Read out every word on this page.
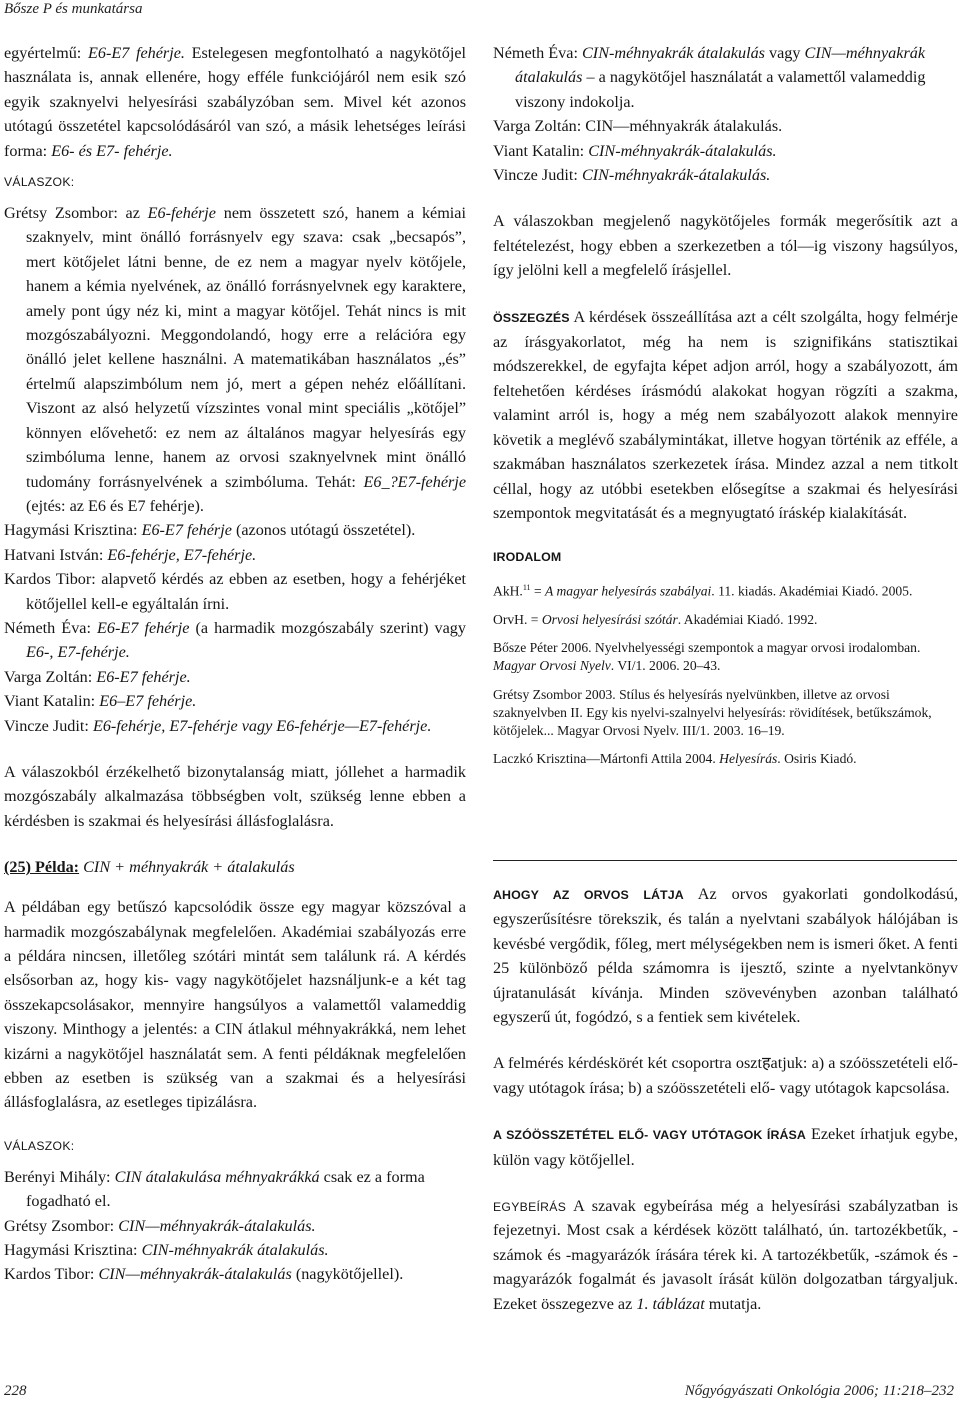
Bősze P és munkatársa

egyértelmű: E6-E7 fehérje. Estelegesen megfontolható a nagykötőjel használata is, annak ellenére, hogy efféle funkciójáról nem esik szó egyik szaknyelvi helyesírási szabályzóban sem. Mivel két azonos utótagú összetétel kapcsolódásáról van szó, a másik lehetséges leírási forma: E6- és E7- fehérje.

VÁLASZOK:

Grétsy Zsombor: az E6-fehérje nem összetett szó, hanem a kémiai szaknyelv, mint önálló forrásnyelv egy szava: csak „becsapós”, mert kötőjelet látni benne, de ez nem a magyar nyelv kötőjele, hanem a kémia nyelvének, az önálló forrásnyelvnek egy karaktere, amely pont úgy néz ki, mint a magyar kötőjel. Tehát nincs is mit mozgószabályozni. Meggondolandó, hogy erre a relációra egy önálló jelet kellene használni. A matematikában használatos „és” értelmű alapszimbólum nem jó, mert a gépen nehéz előállítani. Viszont az alsó helyzetű vízszintes vonal mint speciális „kötőjel” könnyen elővehető: ez nem az általános magyar helyesírás egy szimbóluma lenne, hanem az orvosi szaknyelvnek mint önálló tudomány forrásnyelvének a szimbóluma. Tehát: E6_?E7-fehérje (ejtés: az E6 és E7 fehérje).

Hagymási Krisztina: E6-E7 fehérje (azonos utótagú összetétel).

Hatvani István: E6-fehérje, E7-fehérje.

Kardos Tibor: alapvető kérdés az ebben az esetben, hogy a fehérjéket kötőjellel kell-e egyáltalán írni.

Németh Éva: E6-E7 fehérje (a harmadik mozgószabály szerint) vagy E6-, E7-fehérje.

Varga Zoltán: E6-E7 fehérje.

Viant Katalin: E6–E7 fehérje.

Vincze Judit: E6-fehérje, E7-fehérje vagy E6-fehérje—E7-fehérje.

A válaszokból érzékelhető bizonytalanság miatt, jóllehet a harmadik mozgószabály alkalmazása többségben volt, szükség lenne ebben a kérdésben is szakmai és helyesírási állásfoglalásra.

(25) Példa: CIN + méhnyakrák + átalakulás

A példában egy betűszó kapcsolódik össze egy magyar közszóval a harmadik mozgószabálynak megfelelően. Akadémiai szabályozás erre a példára nincsen, illetőleg szótári mintát sem találunk rá. A kérdés elsősorban az, hogy kis- vagy nagykötőjelet hazsnáljunk-e a két tag összekapcsolásakor, mennyire hangsúlyos a valamettől valameddig viszony. Minthogy a jelentés: a CIN átlakul méhnyakrákká, nem lehet kizárni a nagykötőjel használatát sem. A fenti példáknak megfelelően ebben az esetben is szükség van a szakmai és a helyesírási állásfoglalásra, az esetleges tipizálásra.

VÁLASZOK:

Berényi Mihály: CIN átalakulása méhnyakrákká csak ez a forma fogadható el.

Grétsy Zsombor: CIN—méhnyakrák-átalakulás.

Hagymási Krisztina: CIN-méhnyakrák átalakulás.

Kardos Tibor: CIN—méhnyakrák-átalakulás (nagykötőjellel).

Németh Éva: CIN-méhnyakrák átalakulás vagy CIN—méhnyakrák átalakulás – a nagykötőjel használatát a valamettől valameddig viszony indokolja.

Varga Zoltán: CIN—méhnyakrák átalakulás.

Viant Katalin: CIN-méhnyakrák-átalakulás.

Vincze Judit: CIN-méhnyakrák-átalakulás.

A válaszokban megjelenő nagykötőjeles formák megerősítik azt a feltételezést, hogy ebben a szerkezetben a tól—ig viszony hagsúlyos, így jelölni kell a megfelelő írásjellel.

ÖSSZEGZÉS A kérdések összeállítása azt a célt szolgálta, hogy felmérje az írásgyakorlatot, még ha nem is szignifikáns statisztikai módszerekkel, de egyfajta képet adjon arról, hogy a szabályozott, ám feltehetően kérdéses írásmódú alakokat hogyan rögzíti a szakma, valamint arról is, hogy a még nem szabályozott alakok mennyire követik a meglévő szabálymintákat, illetve hogyan történik az efféle, a szakmában használatos szerkezetek írása. Mindez azzal a nem titkolt céllal, hogy az utóbbi esetekben elősegítse a szakmai és helyesírási szempontok megvitatását és a megnyugtató íráskép kialakítását.

IRODALOM

AkH.$^{11}$ = A magyar helyesírás szabályai. 11. kiadás. Akadémiai Kiadó. 2005.

OrvH. = Orvosi helyesírási szótár. Akadémiai Kiadó. 1992.

Bősze Péter 2006. Nyelvhelyességi szempontok a magyar orvosi irodalomban. Magyar Orvosi Nyelv. VI/1. 2006. 20–43.

Grétsy Zsombor 2003. Stílus és helyesírás nyelvünkben, illetve az orvosi szaknyelvben II. Egy kis nyelvi-szalnyelvi helyesírás: rövidítések, betűkszámok, kötőjelek... Magyar Orvosi Nyelv. III/1. 2003. 16–19.

Laczkó Krisztina—Mártonfi Attila 2004. Helyesírás. Osiris Kiadó.

AHOGY AZ ORVOS LÁTJA Az orvos gyakorlati gondolkodású, egyszerűsítésre törekszik, és talán a nyelvtani szabályok hálójában is kevésbé vergődik, főleg, mert mélységekben nem is ismeri őket. A fenti 25 különböző példa számomra is ijesztő, szinte a nyelvtankönyv újratanulását kívánja. Minden szövevényben azonban található egyszerű út, fogódzó, s a fentiek sem kivételek.

A felmérés kérdéskörét két csoportra osztहatjuk: a) a szóösszetételi elő- vagy utótagok írása; b) a szóösszetételi elő- vagy utótagok kapcsolása.

A SZÓÖSSZETÉTEL ELŐ- VAGY UTÓTAGOK ÍRÁSA Ezeket írhatjuk egybe, külön vagy kötőjellel.

EGYBEÍRÁS A szavak egybeírása még a helyesírási szabályzatban is fejezetnyi. Most csak a kérdések között található, ún. tartozékbetűk, -számok és -magyarázók írására térek ki. A tartozékbetűk, -számok és -magyarázók fogalmát és javasolt írását külön dolgozatban tárgyaljuk. Ezeket összegezve az 1. táblázat mutatja.

228	Nőgyógyászati Onkológia 2006; 11:218–232
